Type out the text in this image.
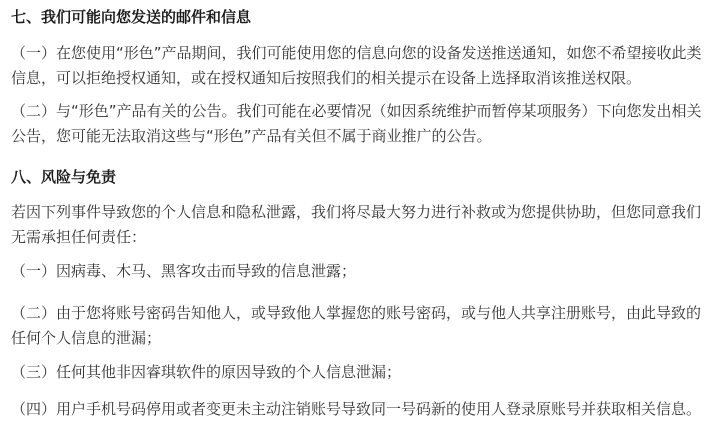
七、我们可能向您发送的邮件和信息
（一）在您使用“形色”产品期间，我们可能使用您的信息向您的设备发送推送通知，如您不希望接收此类
信息，可以拒绝授权通知，或在授权通知后按照我们的相关提示在设备上选择取消该推送权限。
（二）与“形色”产品有关的公告。我们可能在必要情况（如因系统维护而暂停某项服务）下向您发出相关
公告，您可能无法取消这些与“形色”产品有关但不属于商业推广的公告。
八、风险与免责
若因下列事件导致您的个人信息和隐私泄露，我们将尽最大努力进行补救或为您提供协助，但您同意我们
无需承担任何责任：
（一）因病毒、木马、黑客攻击而导致的信息泄露；
（二）由于您将账号密码告知他人，或导致他人掌握您的账号密码，或与他人共享注册账号，由此导致的
任何个人信息的泄漏；
（三）任何其他非因睿琪软件的原因导致的个人信息泄漏；
（四）用户手机号码停用或者变更未主动注销账号导致同一号码新的使用人登录原账号并获取相关信息。
